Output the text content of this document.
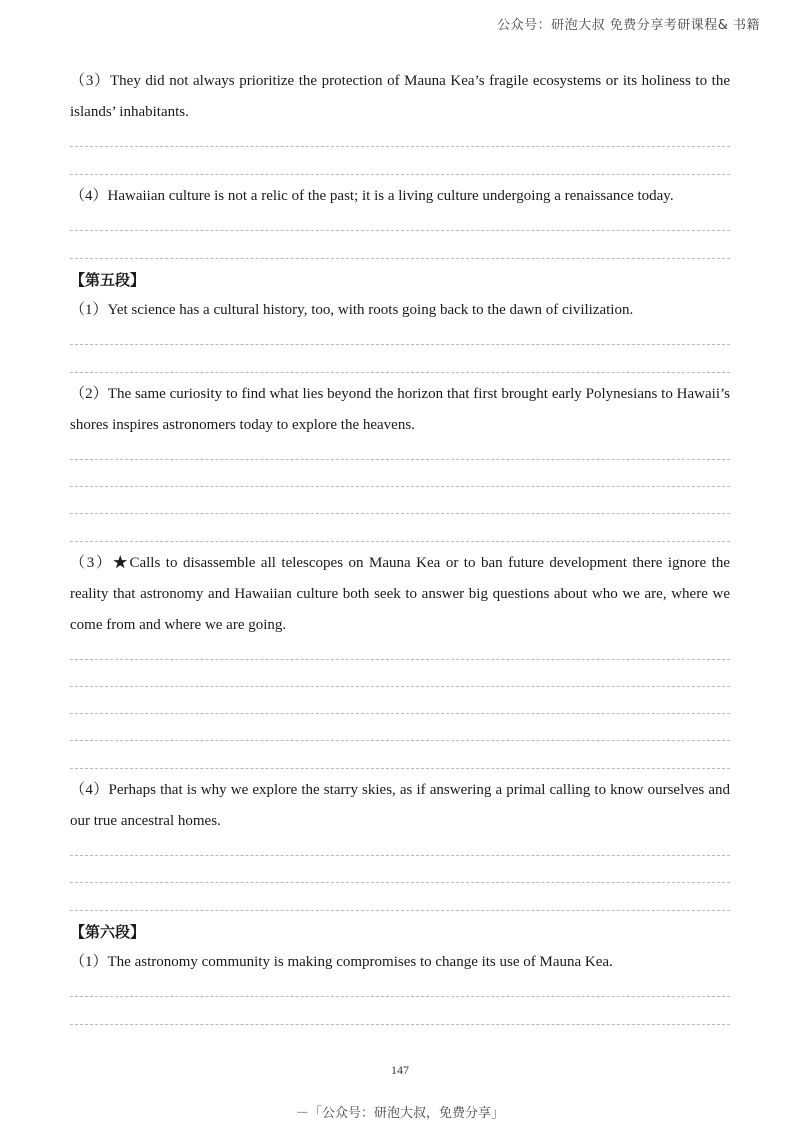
公众号：研泡大叔 免费分享考研课程& 书籍

（3）They did not always prioritize the protection of Mauna Kea’s fragile ecosystems or its holiness to the islands’ inhabitants.

（4）Hawaiian culture is not a relic of the past; it is a living culture undergoing a renaissance today.

【第五段】

（1）Yet science has a cultural history, too, with roots going back to the dawn of civilization.

（2）The same curiosity to find what lies beyond the horizon that first brought early Polynesians to Hawaii’s shores inspires astronomers today to explore the heavens.

（3）★Calls to disassemble all telescopes on Mauna Kea or to ban future development there ignore the reality that astronomy and Hawaiian culture both seek to answer big questions about who we are, where we come from and where we are going.

（4）Perhaps that is why we explore the starry skies, as if answering a primal calling to know ourselves and our true ancestral homes.

【第六段】

（1）The astronomy community is making compromises to change its use of Mauna Kea.

147
－「公众号：研泡大叔，免费分享」
